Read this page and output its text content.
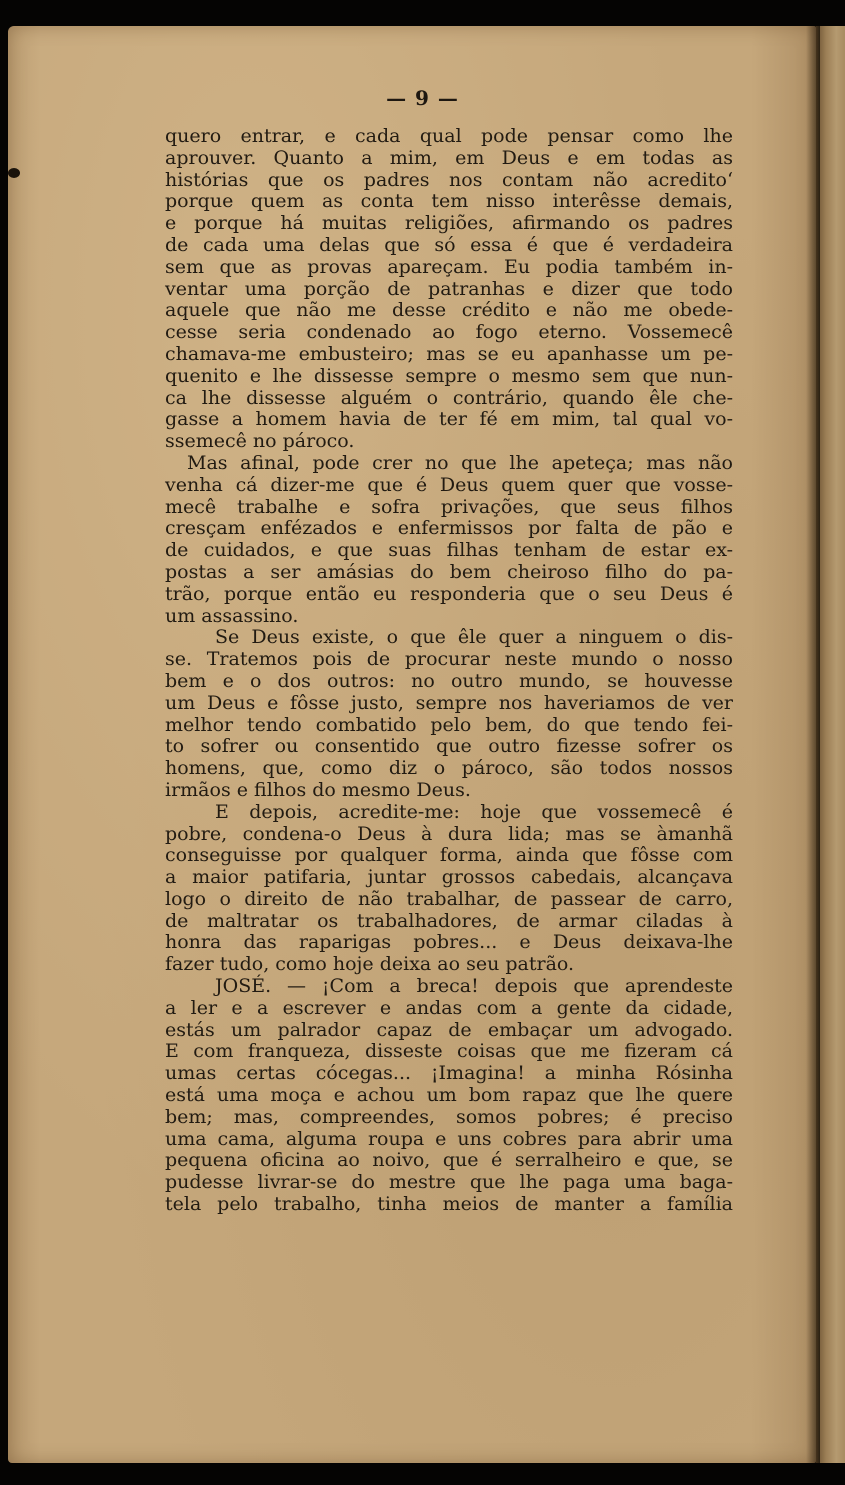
— 9 —
quero entrar, e cada qual pode pensar como lhe
aprouver. Quanto a mim, em Deus e em todas as
histórias que os padres nos contam não acredito‘
porque quem as conta tem nisso interêsse demais,
e porque há muitas religiões, afirmando os padres
de cada uma delas que só essa é que é verdadeira
sem que as provas apareçam. Eu podia também in-
ventar uma porção de patranhas e dizer que todo
aquele que não me desse crédito e não me obede-
cesse seria condenado ao fogo eterno. Vossemecê
chamava-me embusteiro; mas se eu apanhasse um pe-
quenito e lhe dissesse sempre o mesmo sem que nun-
ca lhe dissesse alguém o contrário, quando êle che-
gasse a homem havia de ter fé em mim, tal qual vo-
ssemecê no pároco.
Mas afinal, pode crer no que lhe apeteça; mas não
venha cá dizer-me que é Deus quem quer que vosse-
mecê trabalhe e sofra privações, que seus filhos
cresçam enfézados e enfermissos por falta de pão e
de cuidados, e que suas filhas tenham de estar ex-
postas a ser amásias do bem cheiroso filho do pa-
trão, porque então eu responderia que o seu Deus é
um assassino.
Se Deus existe, o que êle quer a ninguem o dis-
se. Tratemos pois de procurar neste mundo o nosso
bem e o dos outros: no outro mundo, se houvesse
um Deus e fôsse justo, sempre nos haveriamos de ver
melhor tendo combatido pelo bem, do que tendo fei-
to sofrer ou consentido que outro fizesse sofrer os
homens, que, como diz o pároco, são todos nossos
irmãos e filhos do mesmo Deus.
E depois, acredite-me: hoje que vossemecê é
pobre, condena-o Deus à dura lida; mas se àmanhã
conseguisse por qualquer forma, ainda que fôsse com
a maior patifaria, juntar grossos cabedais, alcançava
logo o direito de não trabalhar, de passear de carro,
de maltratar os trabalhadores, de armar ciladas à
honra das raparigas pobres... e Deus deixava-lhe
fazer tudo, como hoje deixa ao seu patrão.
JOSÉ. — ¡Com a breca! depois que aprendeste
a ler e a escrever e andas com a gente da cidade,
estás um palrador capaz de embaçar um advogado.
E com franqueza, disseste coisas que me fizeram cá
umas certas cócegas... ¡Imagina! a minha Rósinha
está uma moça e achou um bom rapaz que lhe quere
bem; mas, compreendes, somos pobres; é preciso
uma cama, alguma roupa e uns cobres para abrir uma
pequena oficina ao noivo, que é serralheiro e que, se
pudesse livrar-se do mestre que lhe paga uma baga-
tela pelo trabalho, tinha meios de manter a família
